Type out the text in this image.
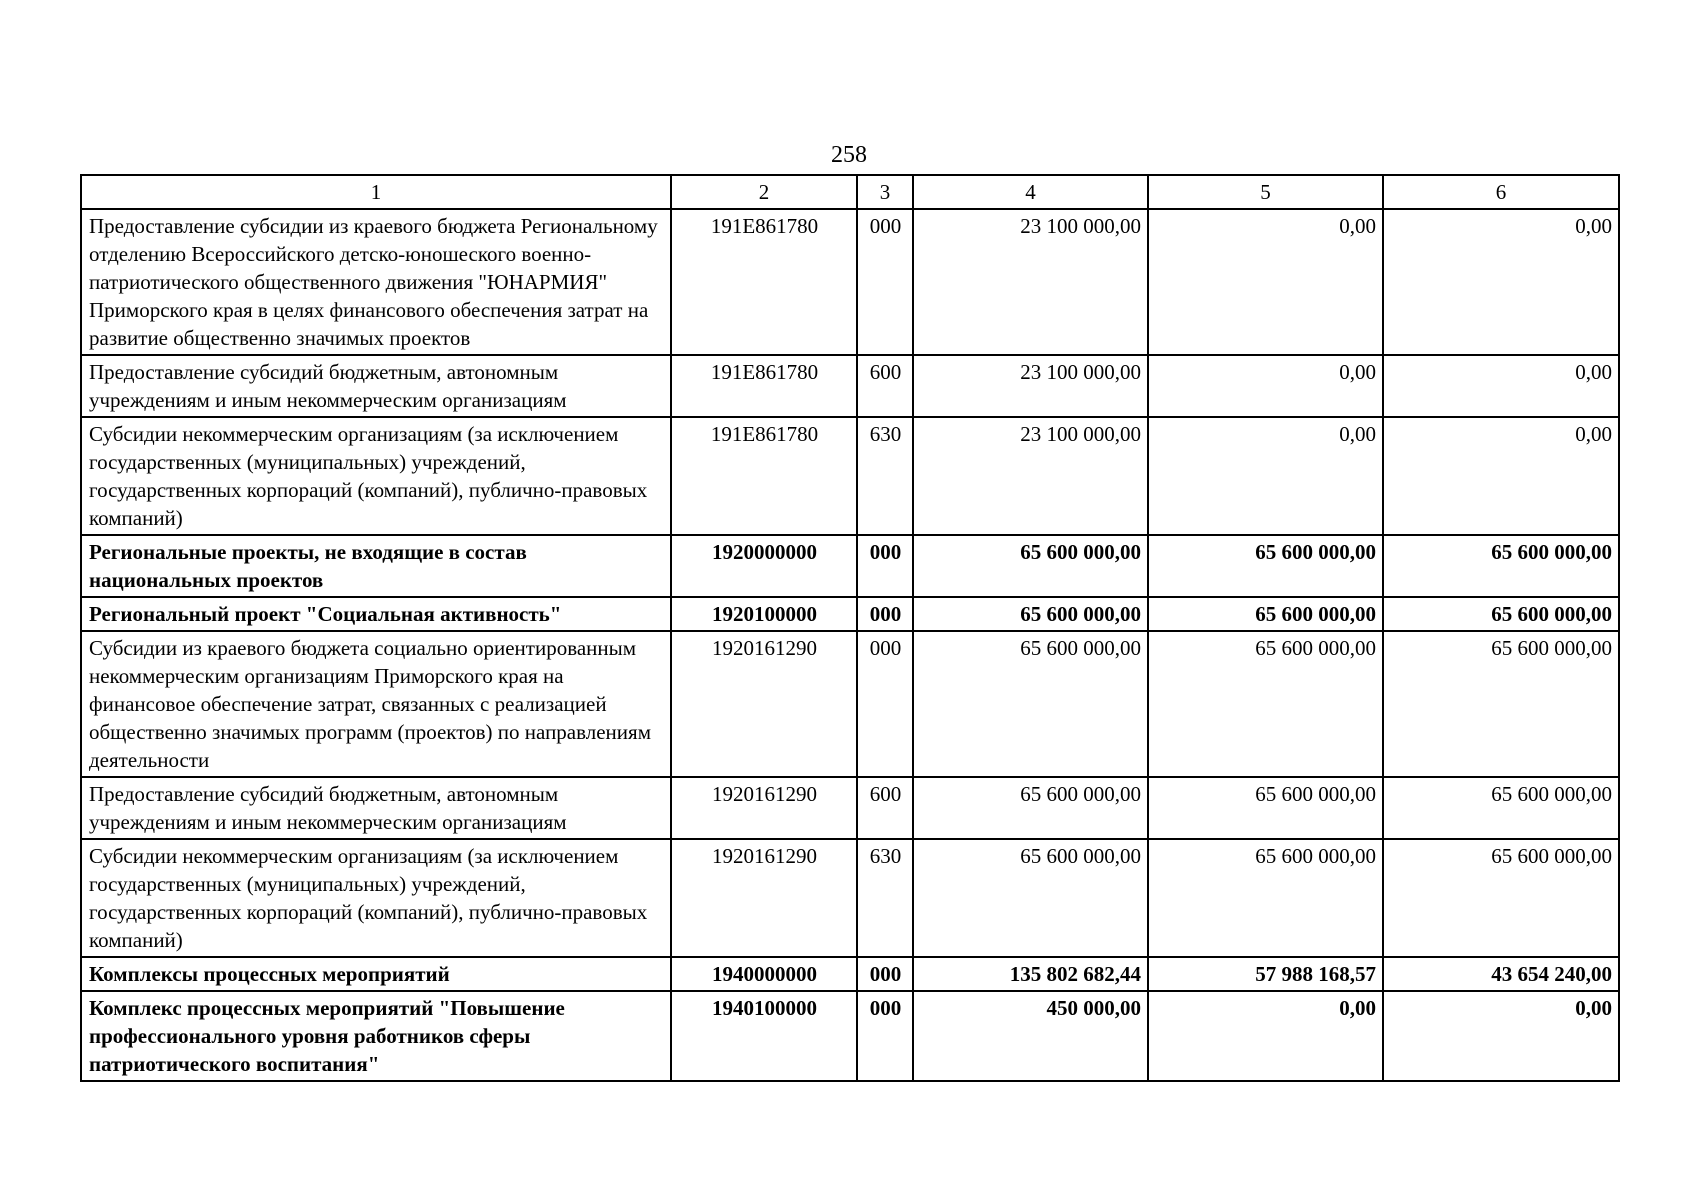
258
1	2	3	4	5	6
Предоставление субсидии из краевого бюджета Региональному отделению Всероссийского детско-юношеского военно-патриотического общественного движения "ЮНАРМИЯ" Приморского края в целях финансового обеспечения затрат на развитие общественно значимых проектов	191E861780	000	23 100 000,00	0,00	0,00
Предоставление субсидий бюджетным, автономным учреждениям и иным некоммерческим организациям	191E861780	600	23 100 000,00	0,00	0,00
Субсидии некоммерческим организациям (за исключением государственных (муниципальных) учреждений, государственных корпораций (компаний), публично-правовых компаний)	191E861780	630	23 100 000,00	0,00	0,00
Региональные проекты, не входящие в состав национальных проектов	1920000000	000	65 600 000,00	65 600 000,00	65 600 000,00
Региональный проект "Социальная активность"	1920100000	000	65 600 000,00	65 600 000,00	65 600 000,00
Субсидии из краевого бюджета социально ориентированным некоммерческим организациям Приморского края на финансовое обеспечение затрат, связанных с реализацией общественно значимых программ (проектов) по направлениям деятельности	1920161290	000	65 600 000,00	65 600 000,00	65 600 000,00
Предоставление субсидий бюджетным, автономным учреждениям и иным некоммерческим организациям	1920161290	600	65 600 000,00	65 600 000,00	65 600 000,00
Субсидии некоммерческим организациям (за исключением государственных (муниципальных) учреждений, государственных корпораций (компаний), публично-правовых компаний)	1920161290	630	65 600 000,00	65 600 000,00	65 600 000,00
Комплексы процессных мероприятий	1940000000	000	135 802 682,44	57 988 168,57	43 654 240,00
Комплекс процессных мероприятий "Повышение профессионального уровня работников сферы патриотического воспитания"	1940100000	000	450 000,00	0,00	0,00
